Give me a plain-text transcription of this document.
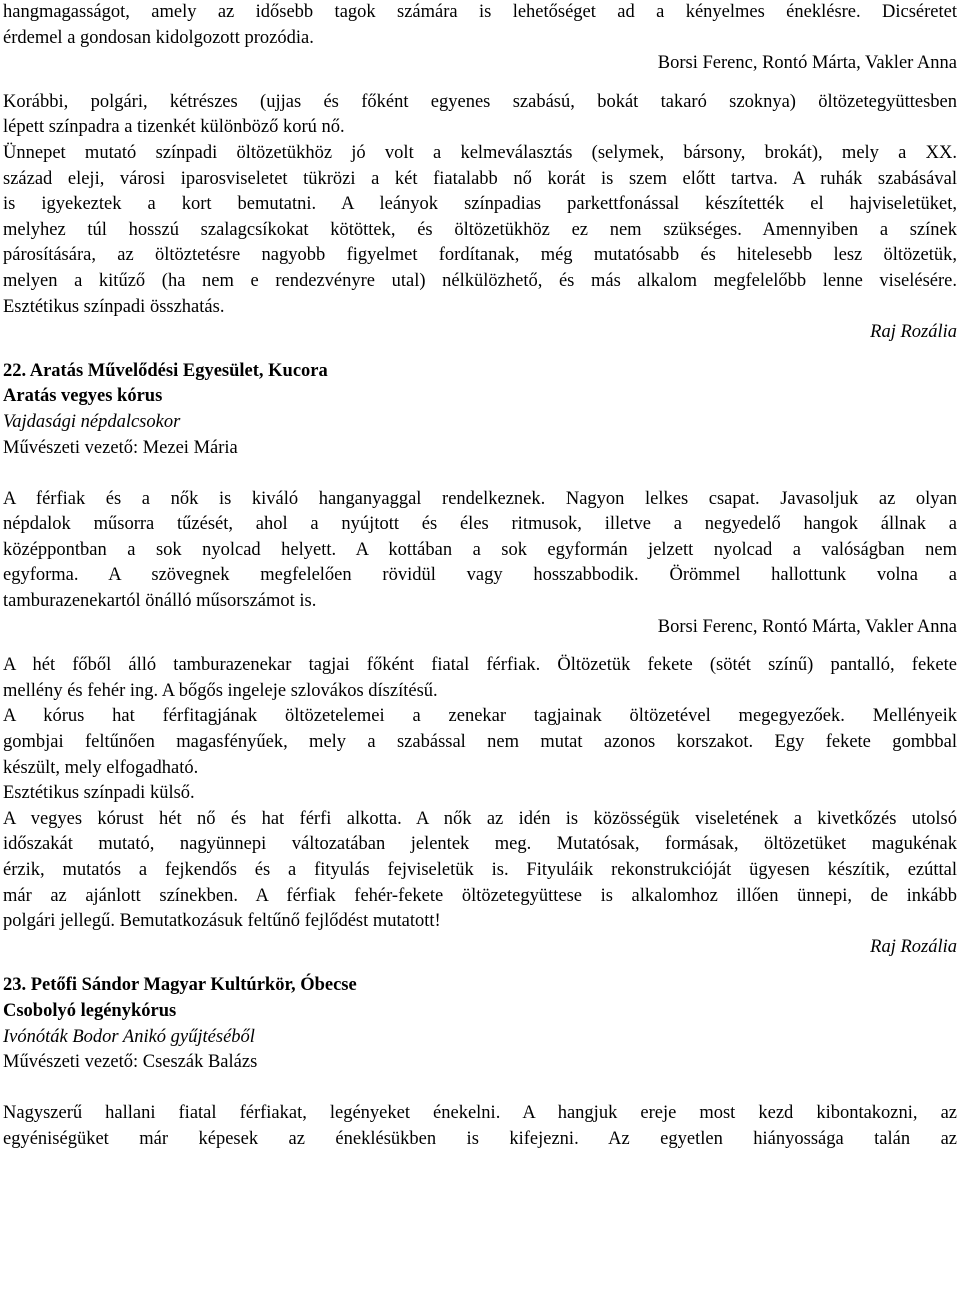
hangmagasságot, amely az idősebb tagok számára is lehetőséget ad a kényelmes éneklésre. Dicséretet
érdemel a gondosan kidolgozott prozódia.
Borsi Ferenc, Rontó Márta, Vakler Anna
Korábbi, polgári, kétrészes (ujjas és főként egyenes szabású, bokát takaró szoknya) öltözetegyüttesben
lépett színpadra a tizenkét különböző korú nő.
Ünnepet mutató színpadi öltözetükhöz jó volt a kelmeválasztás (selymek, bársony, brokát), mely a XX.
század eleji, városi iparosviseletet tükrözi a két fiatalabb nő korát is szem előtt tartva. A ruhák szabásával
is igyekeztek a kort bemutatni. A leányok színpadias parkettfonással készítették el hajviseletüket,
melyhez túl hosszú szalagcsíkokat kötöttek, és öltözetükhöz ez nem szükséges. Amennyiben a színek
párosítására, az öltöztetésre nagyobb figyelmet fordítanak, még mutatósabb és hitelesebb lesz öltözetük,
melyen a kitűző (ha nem e rendezvényre utal) nélkülözhető, és más alkalom megfelelőbb lenne viselésére.
Esztétikus színpadi összhatás.
Raj Rozália
22. Aratás Művelődési Egyesület, Kucora
Aratás vegyes kórus
Vajdasági népdalcsokor
Művészeti vezető: Mezei Mária
A férfiak és a nők is kiváló hanganyaggal rendelkeznek. Nagyon lelkes csapat. Javasoljuk az olyan
népdalok műsorra tűzését, ahol a nyújtott és éles ritmusok, illetve a negyedelő hangok állnak a
középpontban a sok nyolcad helyett. A kottában a sok egyformán jelzett nyolcad a valóságban nem
egyforma. A szövegnek megfelelően rövidül vagy hosszabbodik. Örömmel hallottunk volna a
tamburazenekartól önálló műsorszámot is.
Borsi Ferenc, Rontó Márta, Vakler Anna
A hét főből álló tamburazenekar tagjai főként fiatal férfiak. Öltözetük fekete (sötét színű) pantalló, fekete
mellény és fehér ing. A bőgős ingeleje szlovákos díszítésű.
A kórus hat férfitagjának öltözetelemei a zenekar tagjainak öltözetével megegyezőek. Mellényeik
gombjai feltűnően magasfényűek, mely a szabással nem mutat azonos korszakot. Egy fekete gombbal
készült, mely elfogadható.
Esztétikus színpadi külső.
A vegyes kórust hét nő és hat férfi alkotta. A nők az idén is közösségük viseletének a kivetkőzés utolsó
időszakát mutató, nagyünnepi változatában jelentek meg. Mutatósak, formásak, öltözetüket magukénak
érzik, mutatós a fejkendős és a fityulás fejviseletük is. Fityuláik rekonstrukcióját ügyesen készítik, ezúttal
már az ajánlott színekben. A férfiak fehér-fekete öltözetegyüttese is alkalomhoz illően ünnepi, de inkább
polgári jellegű. Bemutatkozásuk feltűnő fejlődést mutatott!
Raj Rozália
23. Petőfi Sándor Magyar Kultúrkör, Óbecse
Csobolyó legénykórus
Ivónóták Bodor Anikó gyűjtéséből
Művészeti vezető: Cseszák Balázs
Nagyszerű hallani fiatal férfiakat, legényeket énekelni. A hangjuk ereje most kezd kibontakozni, az
egyéniségüket már képesek az éneklésükben is kifejezni. Az egyetlen hiányossága talán az
